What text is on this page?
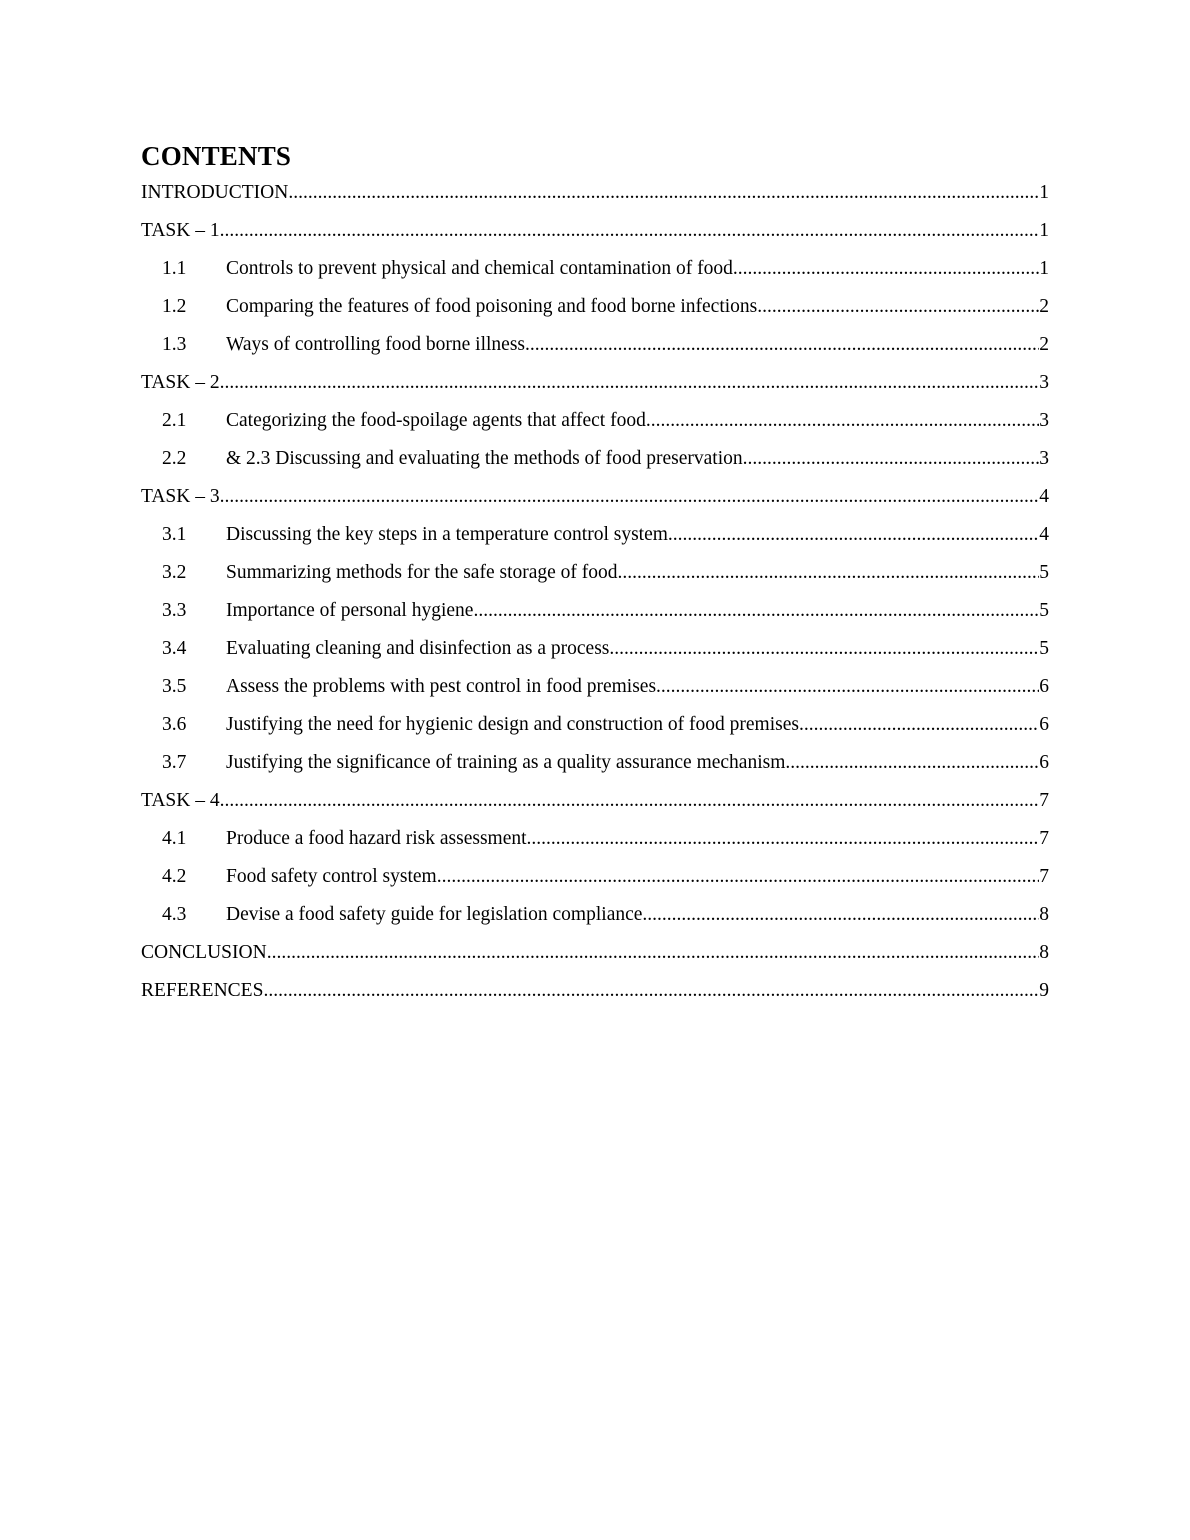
CONTENTS
INTRODUCTION .....	1
TASK – 1 .....	1
1.1	Controls to prevent physical and chemical contamination of food .....	1
1.2	Comparing the features of food poisoning and food borne infections .....	2
1.3	Ways of controlling food borne illness .....	2
TASK – 2 .....	3
2.1	Categorizing the food-spoilage agents that affect food .....	3
2.2	& 2.3 Discussing and evaluating the methods of food preservation .....	3
TASK – 3 .....	4
3.1	Discussing the key steps in a temperature control system .....	4
3.2	Summarizing methods for the safe storage of food .....	5
3.3	Importance of personal hygiene .....	5
3.4	Evaluating cleaning and disinfection as a process .....	5
3.5	Assess the problems with pest control in food premises .....	6
3.6	Justifying the need for hygienic design and construction of food premises .....	6
3.7	Justifying the significance of training as a quality assurance mechanism .....	6
TASK – 4 .....	7
4.1	Produce a food hazard risk assessment .....	7
4.2	Food safety control system .....	7
4.3	Devise a food safety guide for legislation compliance .....	8
CONCLUSION .....	8
REFERENCES .....	9
